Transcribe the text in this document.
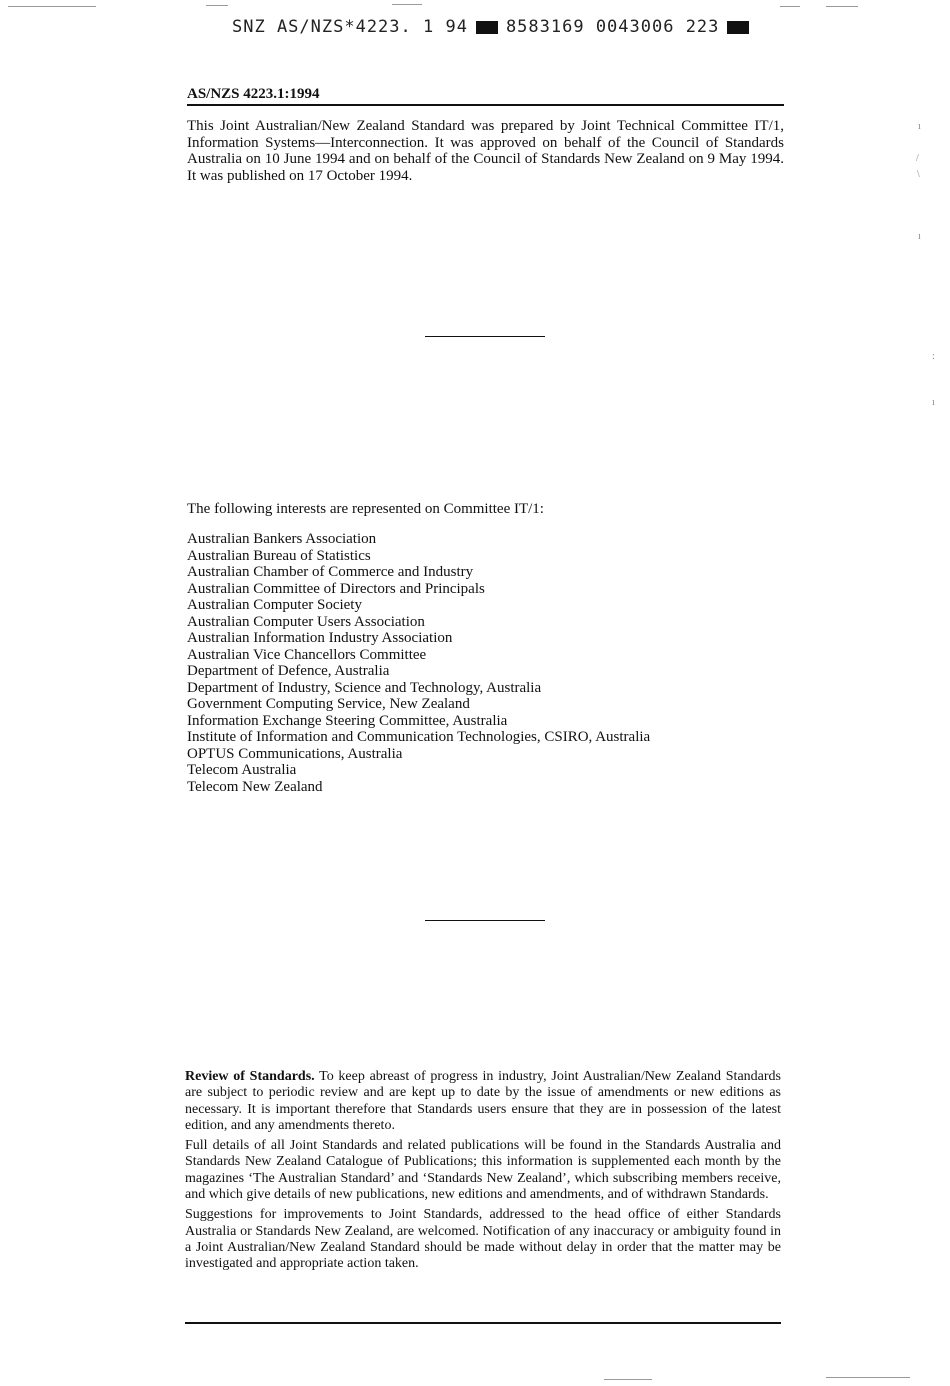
ı
/
\
ı
:
ı
SNZ AS/NZS*4223. 1 94 8583169 0043006 223
AS/NZS 4223.1:1994
This Joint Australian/New Zealand Standard was prepared by Joint Technical Committee IT/1, Information Systems—Interconnection. It was approved on behalf of the Council of Standards Australia on 10 June 1994 and on behalf of the Council of Standards New Zealand on 9 May 1994. It was published on 17 October 1994.
The following interests are represented on Committee IT/1:
Australian Bankers Association
Australian Bureau of Statistics
Australian Chamber of Commerce and Industry
Australian Committee of Directors and Principals
Australian Computer Society
Australian Computer Users Association
Australian Information Industry Association
Australian Vice Chancellors Committee
Department of Defence, Australia
Department of Industry, Science and Technology, Australia
Government Computing Service, New Zealand
Information Exchange Steering Committee, Australia
Institute of Information and Communication Technologies, CSIRO, Australia
OPTUS Communications, Australia
Telecom Australia
Telecom New Zealand

Review of Standards. To keep abreast of progress in industry, Joint Australian/New Zealand Standards are subject to periodic review and are kept up to date by the issue of amendments or new editions as necessary. It is important therefore that Standards users ensure that they are in possession of the latest edition, and any amendments thereto.

Full details of all Joint Standards and related publications will be found in the Standards Australia and Standards New Zealand Catalogue of Publications; this information is supplemented each month by the magazines ‘The Australian Standard’ and ‘Standards New Zealand’, which subscribing members receive, and which give details of new publications, new editions and amendments, and of withdrawn Standards.

Suggestions for improvements to Joint Standards, addressed to the head office of either Standards Australia or Standards New Zealand, are welcomed. Notification of any inaccuracy or ambiguity found in a Joint Australian/New Zealand Standard should be made without delay in order that the matter may be investigated and appropriate action taken.
